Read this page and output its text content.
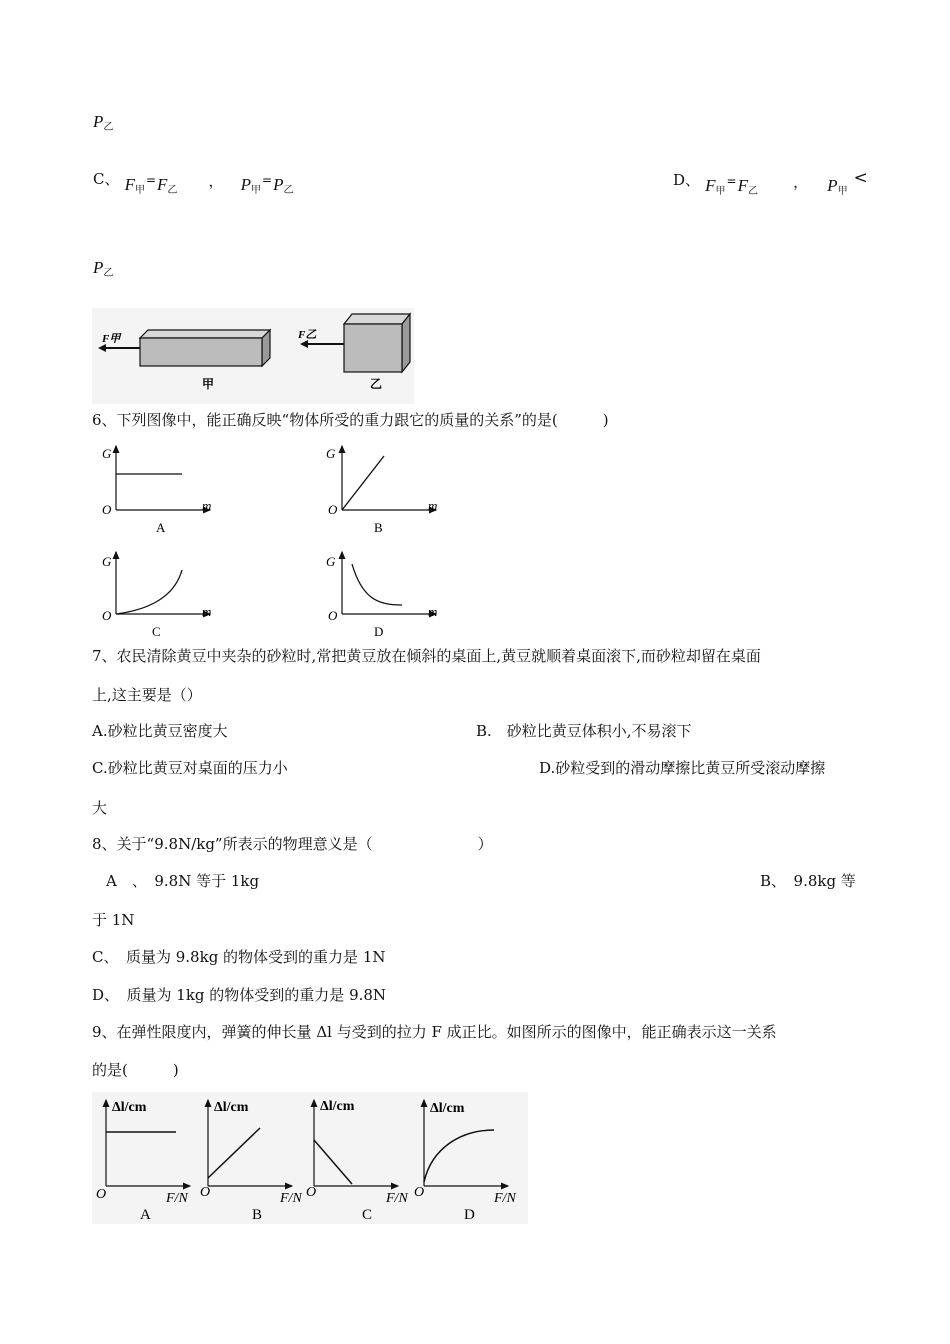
$P_乙$
C、 $F_甲^=F_乙$ ， $P_甲^=P_乙$
D、 $F_甲^=F_乙$ ， $P_甲<$
$P_乙$
F甲
甲
F乙
乙
6、下列图像中，能正确反映“物体所受的重力跟它的质量的关系”的是(　　　)
G
O	m
A
G
O	m
B
G
O	m
C
G
O	m
D
7、农民清除黄豆中夹杂的砂粒时,常把黄豆放在倾斜的桌面上,黄豆就顺着桌面滚下,而砂粒却留在桌面
上,这主要是（）
A.砂粒比黄豆密度大	B.　砂粒比黄豆体积小,不易滚下
C.砂粒比黄豆对桌面的压力小	D.砂粒受到的滑动摩擦比黄豆所受滚动摩擦
大
8、关于“9.8N/kg”所表示的物理意义是（　　　　　　　）
A　、　9.8N 等于 1kg	B、　9.8kg 等
于 1N
C、　质量为 9.8kg 的物体受到的重力是 1N
D、　质量为 1kg 的物体受到的重力是 9.8N
9、在弹性限度内，弹簧的伸长量 Δl 与受到的拉力 F 成正比。如图所示的图像中，能正确表示这一关系
的是(　　　)
Δl/cm
O	F/N
A
Δl/cm
O	F/N
B
Δl/cm
O	F/N
C
Δl/cm
O	F/N
D
